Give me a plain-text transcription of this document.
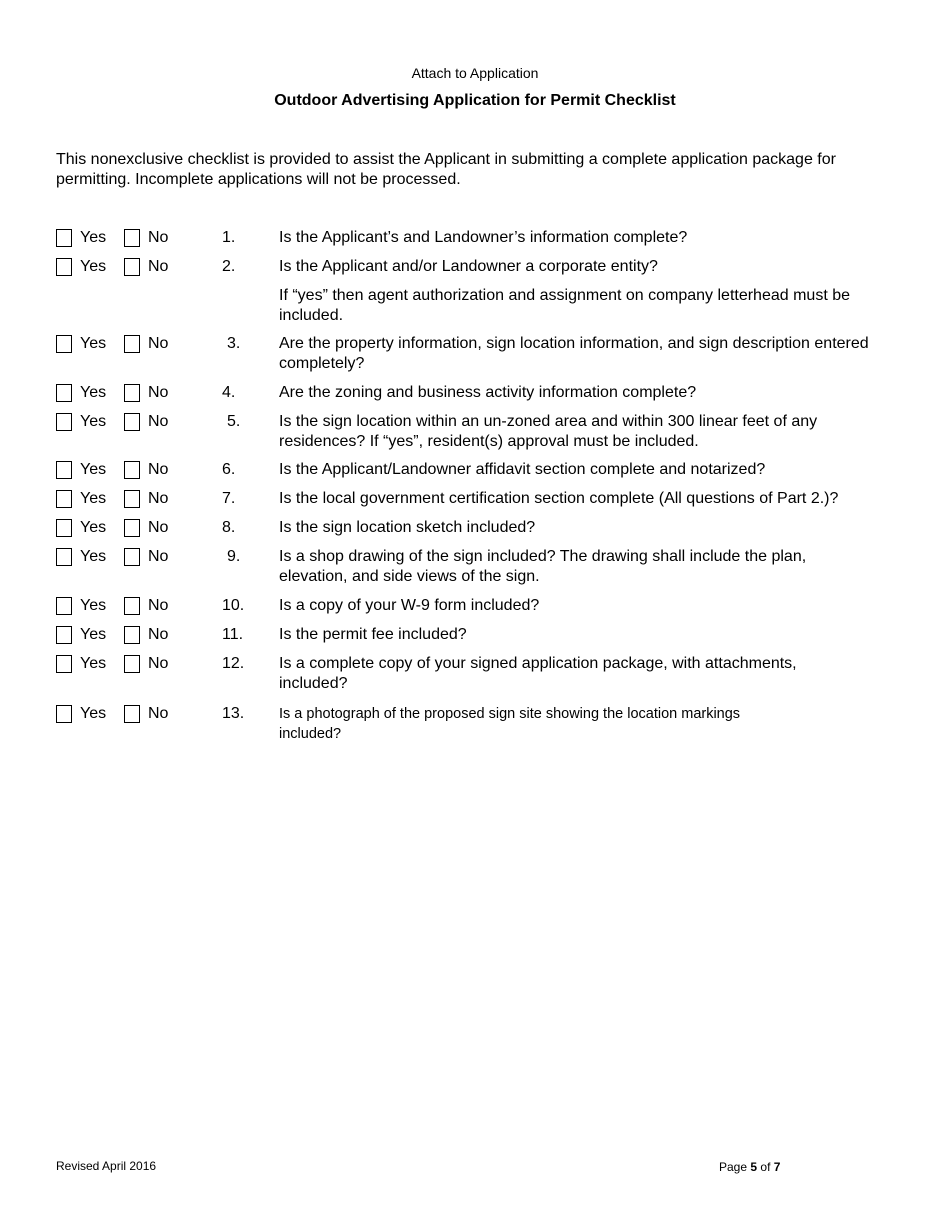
Attach to Application
Outdoor Advertising Application for Permit Checklist
This nonexclusive checklist is provided to assist the Applicant in submitting a complete application package for permitting. Incomplete applications will not be processed.
Yes	No	1.	Is the Applicant’s and Landowner’s information complete?
Yes	No	2.	Is the Applicant and/or Landowner a corporate entity?
If “yes” then agent authorization and assignment on company letterhead must be included.
Yes	No	3. Are the property information, sign location information, and sign description entered completely?
Yes	No	4.	Are the zoning and business activity information complete?
Yes	No	5. Is the sign location within an un-zoned area and within 300 linear feet of any residences? If “yes”, resident(s) approval must be included.
Yes	No	6.	Is the Applicant/Landowner affidavit section complete and notarized?
Yes	No	7.	Is the local government certification section complete (All questions of Part 2.)?
Yes	No	8.	Is the sign location sketch included?
Yes	No	9. Is a shop drawing of the sign included? The drawing shall include the plan, elevation, and side views of the sign.
Yes	No	10. Is a copy of your W-9 form included?
Yes	No	11. Is the permit fee included?
Yes	No	12. Is a complete copy of your signed application package, with attachments, included?
Yes	No	13. Is a photograph of the proposed sign site showing the location markings included?
Revised April 2016	Page 5 of 7
